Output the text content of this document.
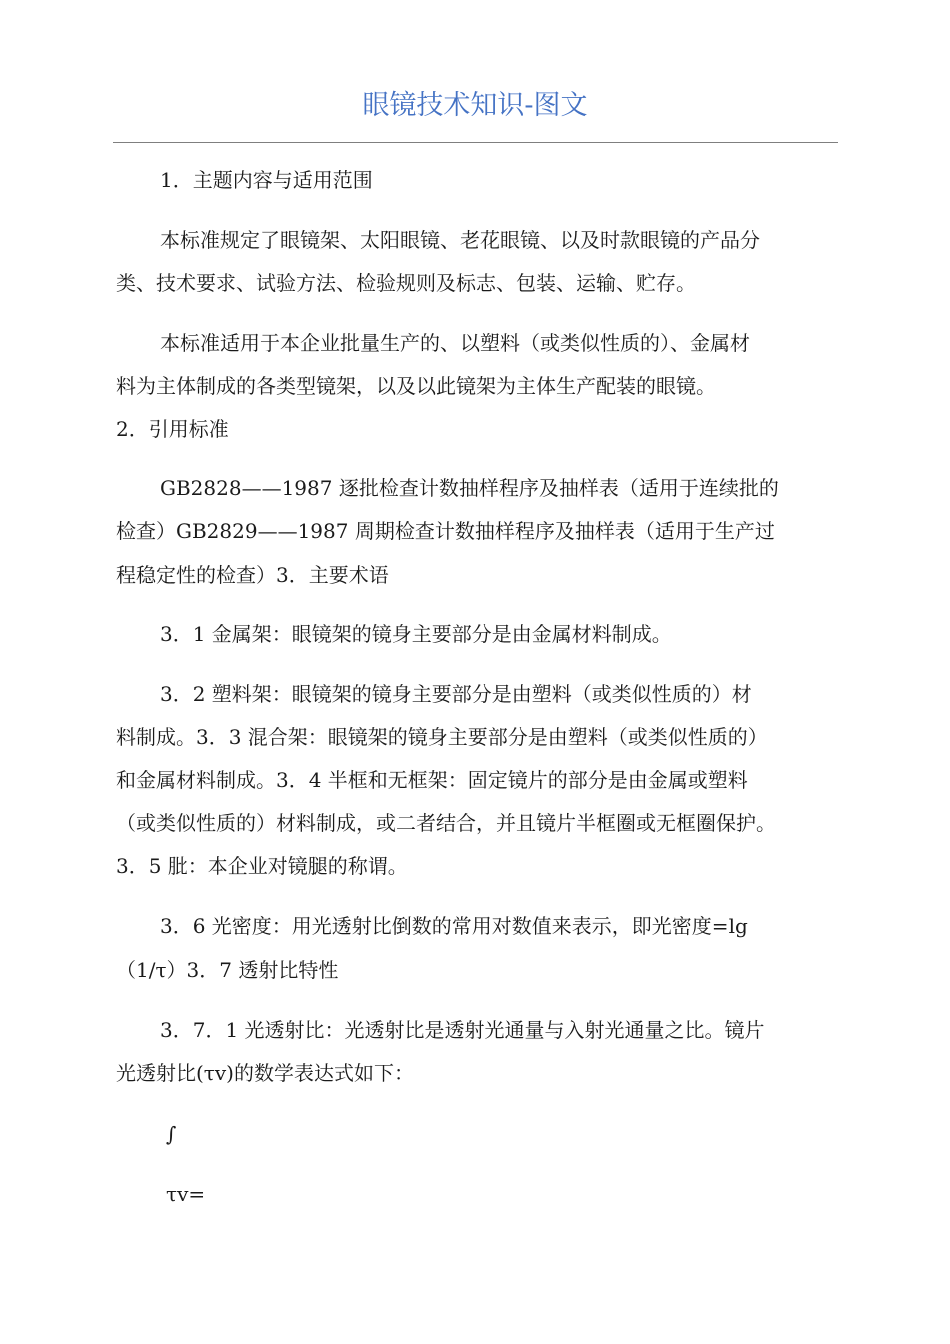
眼镜技术知识-图文
1．主题内容与适用范围
本标准规定了眼镜架、太阳眼镜、老花眼镜、以及时款眼镜的产品分
类、技术要求、试验方法、检验规则及标志、包装、运输、贮存。
本标准适用于本企业批量生产的、以塑料（或类似性质的）、金属材
料为主体制成的各类型镜架，以及以此镜架为主体生产配装的眼镜。
2．引用标准
GB2828——1987 逐批检查计数抽样程序及抽样表（适用于连续批的
检查）GB2829——1987 周期检查计数抽样程序及抽样表（适用于生产过
程稳定性的检查）3．主要术语
3．1 金属架：眼镜架的镜身主要部分是由金属材料制成。
3．2 塑料架：眼镜架的镜身主要部分是由塑料（或类似性质的）材
料制成。3．3 混合架：眼镜架的镜身主要部分是由塑料（或类似性质的）
和金属材料制成。3．4 半框和无框架：固定镜片的部分是由金属或塑料
（或类似性质的）材料制成，或二者结合，并且镜片半框圈或无框圈保护。
3．5 肶：本企业对镜腿的称谓。
3．6 光密度：用光透射比倒数的常用对数值来表示，即光密度=lg
（1/τ）3．7 透射比特性
3．7．1 光透射比：光透射比是透射光通量与入射光通量之比。镜片
光透射比(τv)的数学表达式如下：
∫
τv=
